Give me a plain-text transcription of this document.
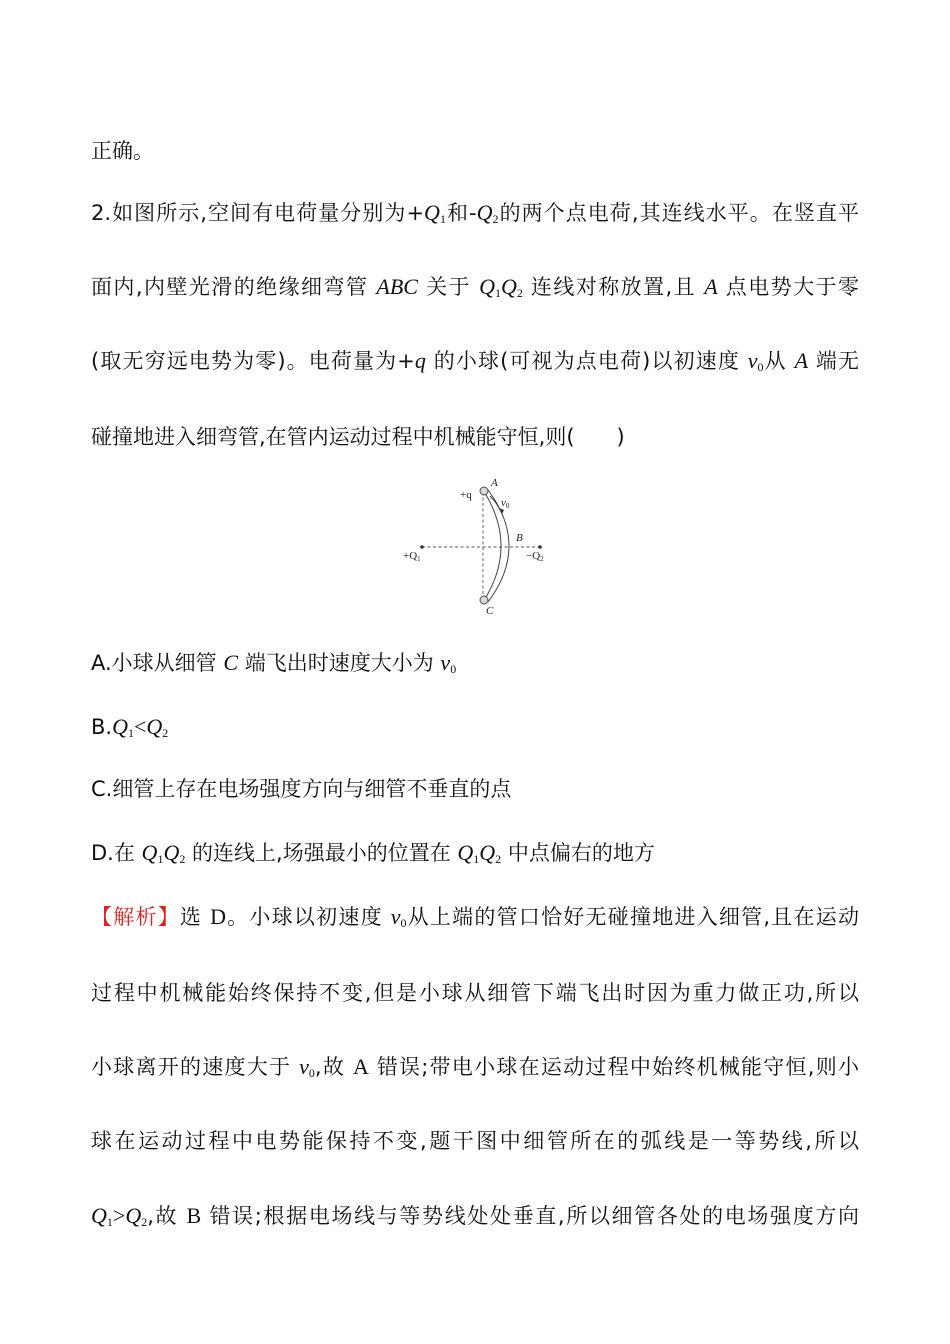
正确。
2.如图所示,空间有电荷量分别为$+Q_1$和$-Q_2$的两个点电荷,其连线水平。在竖直平
面内,内壁光滑的绝缘细弯管 ABC 关于 $Q_1Q_2$ 连线对称放置,且 A 点电势大于零
(取无穷远电势为零)。电荷量为+q 的小球(可视为点电荷)以初速度 $v_0$从 A 端无
碰撞地进入细弯管,在管内运动过程中机械能守恒,则(　　)
+q
A
v0
B
C
+Q1	−Q2
A.小球从细管 C 端飞出时速度大小为 $v_0$
$B.Q_1<Q_2$
C.细管上存在电场强度方向与细管不垂直的点
D.在 $Q_1Q_2$ 的连线上,场强最小的位置在 $Q_1Q_2$ 中点偏右的地方
【解析】选 D。小球以初速度 $v_0$从上端的管口恰好无碰撞地进入细管,且在运动
过程中机械能始终保持不变,但是小球从细管下端飞出时因为重力做正功,所以
小球离开的速度大于 $v_0$,故 A 错误;带电小球在运动过程中始终机械能守恒,则小
球在运动过程中电势能保持不变,题干图中细管所在的弧线是一等势线,所以
$Q_1>Q_2$,故 B 错误;根据电场线与等势线处处垂直,所以细管各处的电场强度方向
